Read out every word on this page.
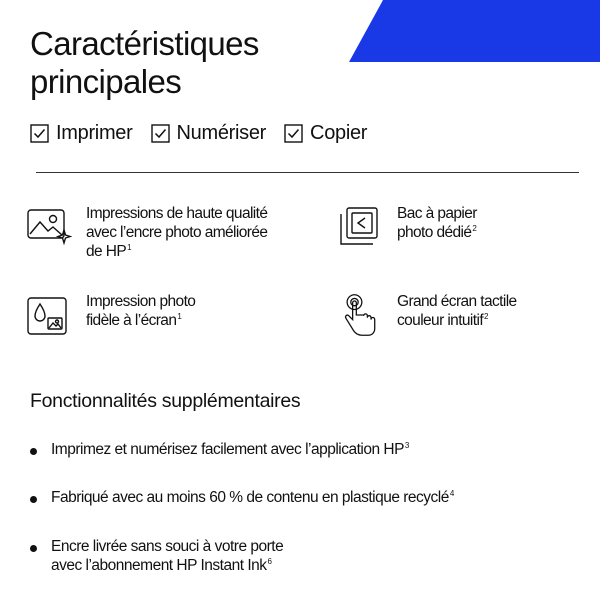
Caractéristiques
principales
Imprimer Numériser Copier
Impressions de haute qualité
avec l’encre photo améliorée
de $HP^1$
Bac à papier
photo dédié$^2$
Impression photo
fidèle à l’écran$^1$
Grand écran tactile
couleur intuitif$^2$
Fonctionnalités supplémentaires
Imprimez et numérisez facilement avec l’application $HP^3$
Fabriqué avec au moins 60 % de contenu en plastique recyclé$^4$
Encre livrée sans souci à votre porte
avec l’abonnement HP Instant Ink$^6$
